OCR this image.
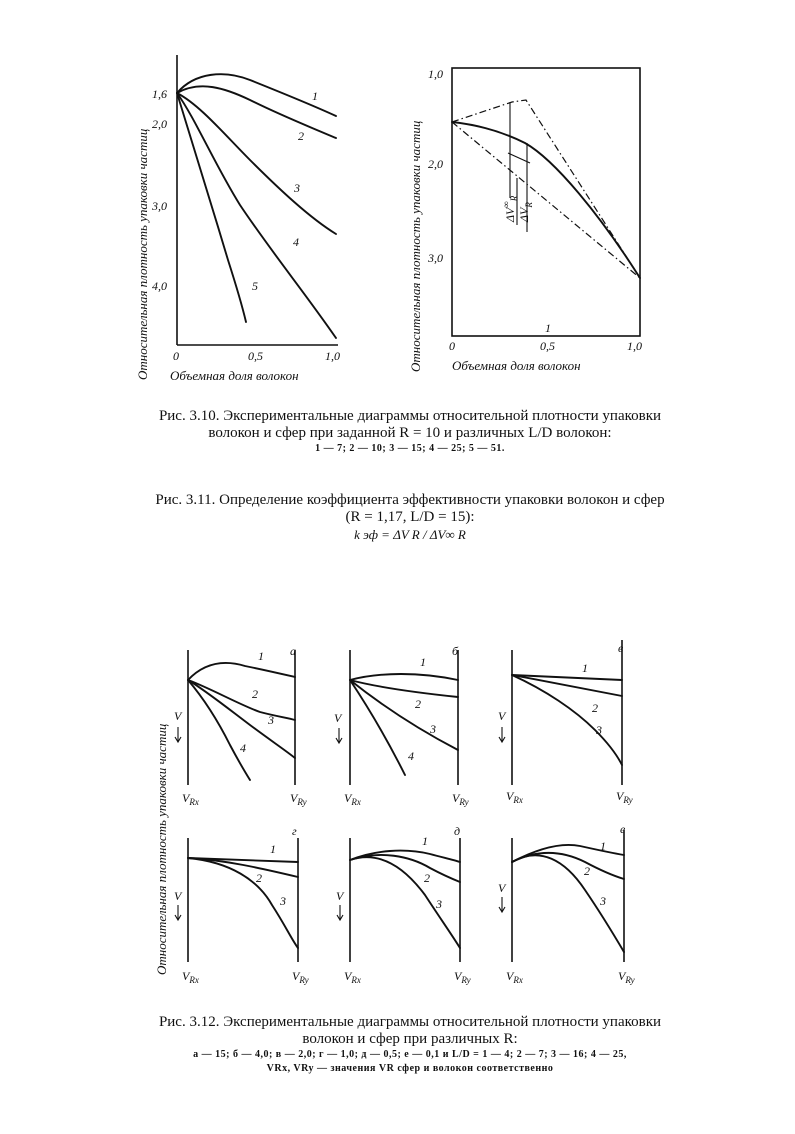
1,6
2,0
3,0
4,0
0	0,5	1,0
1
2
3
4
5
Относительная плотность упаковки частиц Объемная доля волокон
1,0
2,0
3,0
0	0,5	1,0
1
$\Delta V^\infty_R$
$\Delta V_R$
Относительная плотность упаковки частиц Объемная доля волокон
Рис. 3.10. Экспериментальные диаграммы относительной плотности упаковки
волокон и сфер при заданной R = 10 и различных L/D волокон:
1 — 7; 2 — 10; 3 — 15; 4 — 25; 5 — 51.
Рис. 3.11. Определение коэффициента эффективности упаковки волокон и сфер
(R = 1,17, L/D = 15):
k эф = ΔV R / ΔV∞ R
Относительная плотность упаковки частиц
1
2
3
4
а
V
$V_{Rx}$	$V_{Ry}$
1
2
3
4
б
V
$V_{Rx}$	$V_{Ry}$
1
2
3
в
V
$V_{Rx}$	$V_{Ry}$
1
2
3
г
V
$V_{Rx}$	$V_{Ry}$
1
2
3
д
V
$V_{Rx}$	$V_{Ry}$
1
2
3
е
V
$V_{Rx}$	$V_{Ry}$
Рис. 3.12. Экспериментальные диаграммы относительной плотности упаковки
волокон и сфер при различных R:
а — 15; б — 4,0; в — 2,0; г — 1,0; д — 0,5; е — 0,1 и L/D = 1 — 4; 2 — 7; 3 — 16; 4 — 25,
VRx, VRy — значения VR сфер и волокон соответственно
